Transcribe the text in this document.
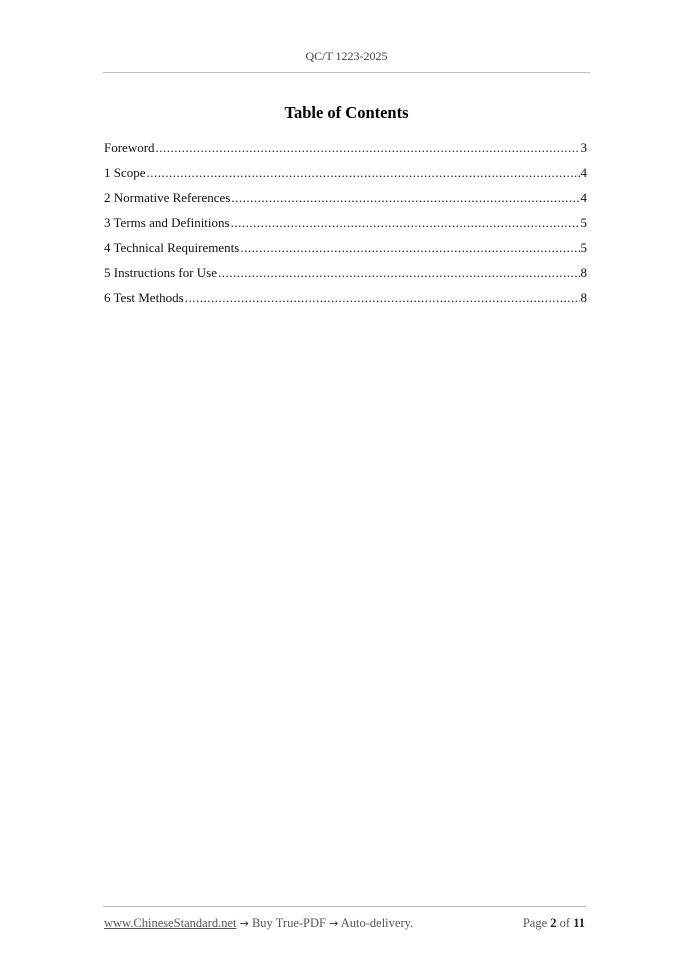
QC/T 1223-2025
Table of Contents
Foreword .....	3
1 Scope .....	4
2 Normative References .....	4
3 Terms and Definitions .....	5
4 Technical Requirements .....	5
5 Instructions for Use .....	8
6 Test Methods .....	8
www.ChineseStandard.net → Buy True-PDF → Auto-delivery.	Page 2 of 11
